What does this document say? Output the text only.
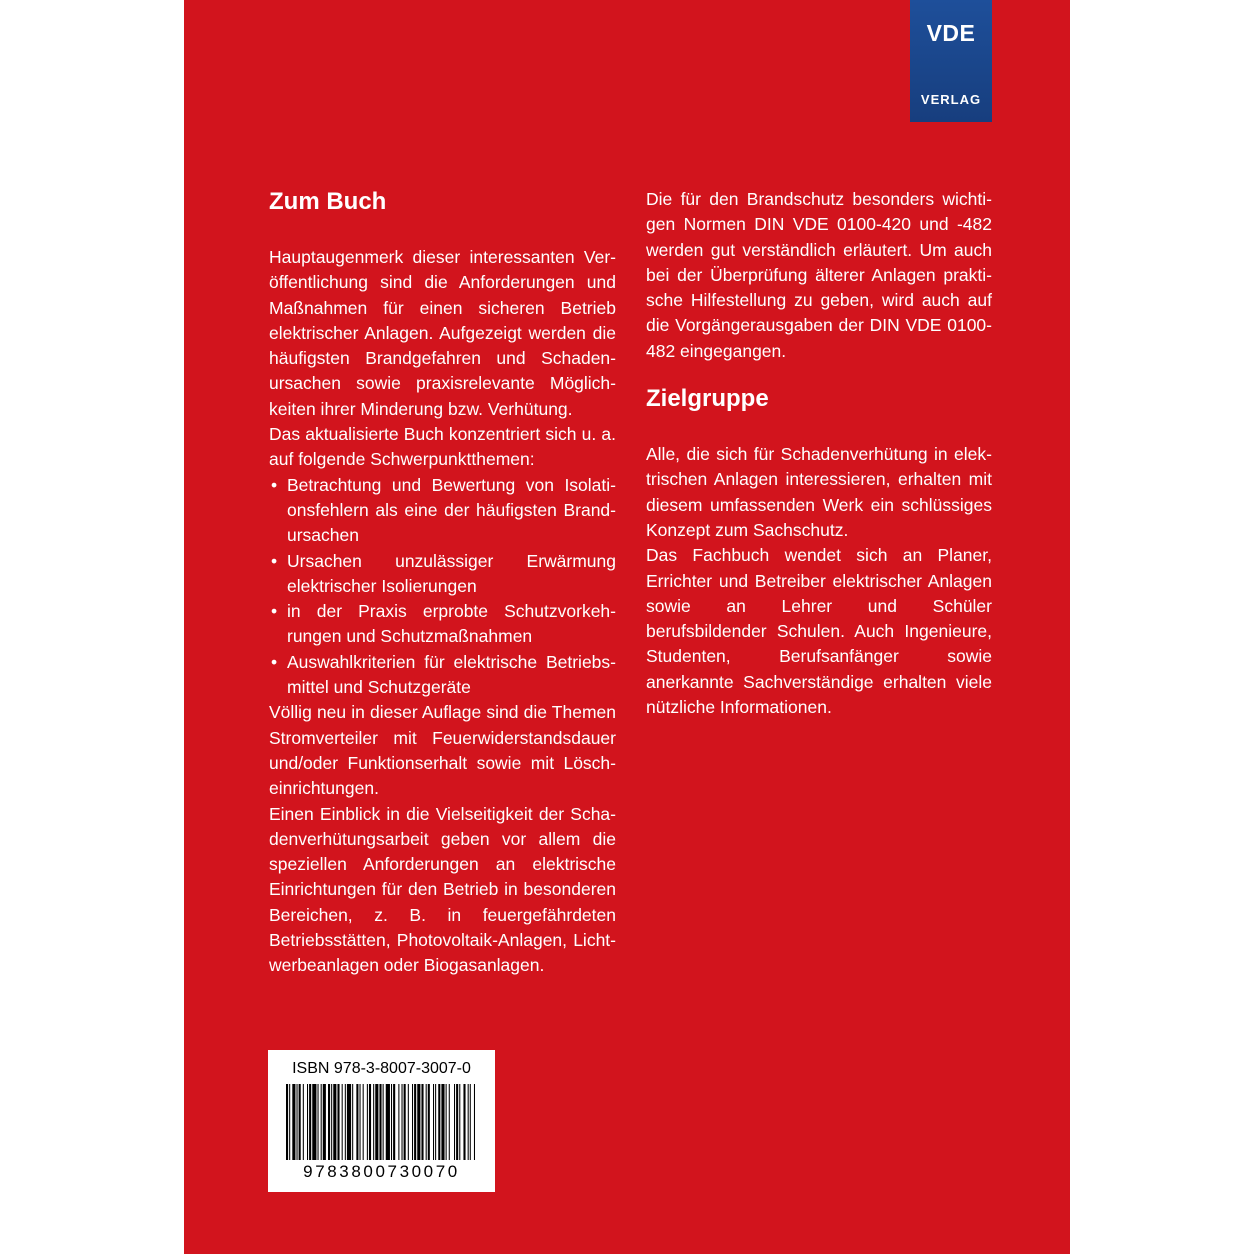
VDE
VERLAG
Zum Buch

Hauptaugenmerk dieser interessanten Veröffentlichung sind die Anforderungen und Maßnahmen für einen sicheren Betrieb elektrischer Anlagen. Aufgezeigt werden die häufigsten Brandgefahren und Schadenursachen sowie praxisrelevante Möglichkeiten ihrer Minderung bzw. Verhütung.

Das aktualisierte Buch konzentriert sich u. a. auf folgende Schwerpunktthemen:

• Betrachtung und Bewertung von Isolationsfehlern als eine der häufigsten Brandursachen
• Ursachen unzulässiger Erwärmung elektrischer Isolierungen
• in der Praxis erprobte Schutzvorkehrungen und Schutzmaßnahmen
• Auswahlkriterien für elektrische Betriebsmittel und Schutzgeräte

Völlig neu in dieser Auflage sind die Themen Stromverteiler mit Feuerwiderstandsdauer und/oder Funktionserhalt sowie mit Löscheinrichtungen.

Einen Einblick in die Vielseitigkeit der Schadenverhütungsarbeit geben vor allem die speziellen Anforderungen an elektrische Einrichtungen für den Betrieb in besonderen Bereichen, z. B. in feuergefährdeten Betriebsstätten, Photovoltaik-Anlagen, Lichtwerbeanlagen oder Biogasanlagen.

Die für den Brandschutz besonders wichtigen Normen DIN VDE 0100-420 und -482 werden gut verständlich erläutert. Um auch bei der Überprüfung älterer Anlagen praktische Hilfestellung zu geben, wird auch auf die Vorgängerausgaben der DIN VDE 0100-482 eingegangen.

Zielgruppe

Alle, die sich für Schadenverhütung in elektrischen Anlagen interessieren, erhalten mit diesem umfassenden Werk ein schlüssiges Konzept zum Sachschutz.

Das Fachbuch wendet sich an Planer, Errichter und Betreiber elektrischer Anlagen sowie an Lehrer und Schüler berufsbildender Schulen. Auch Ingenieure, Studenten, Berufsanfänger sowie anerkannte Sachverständige erhalten viele nützliche Informationen.

ISBN 978-3-8007-3007-0
9783800730070
